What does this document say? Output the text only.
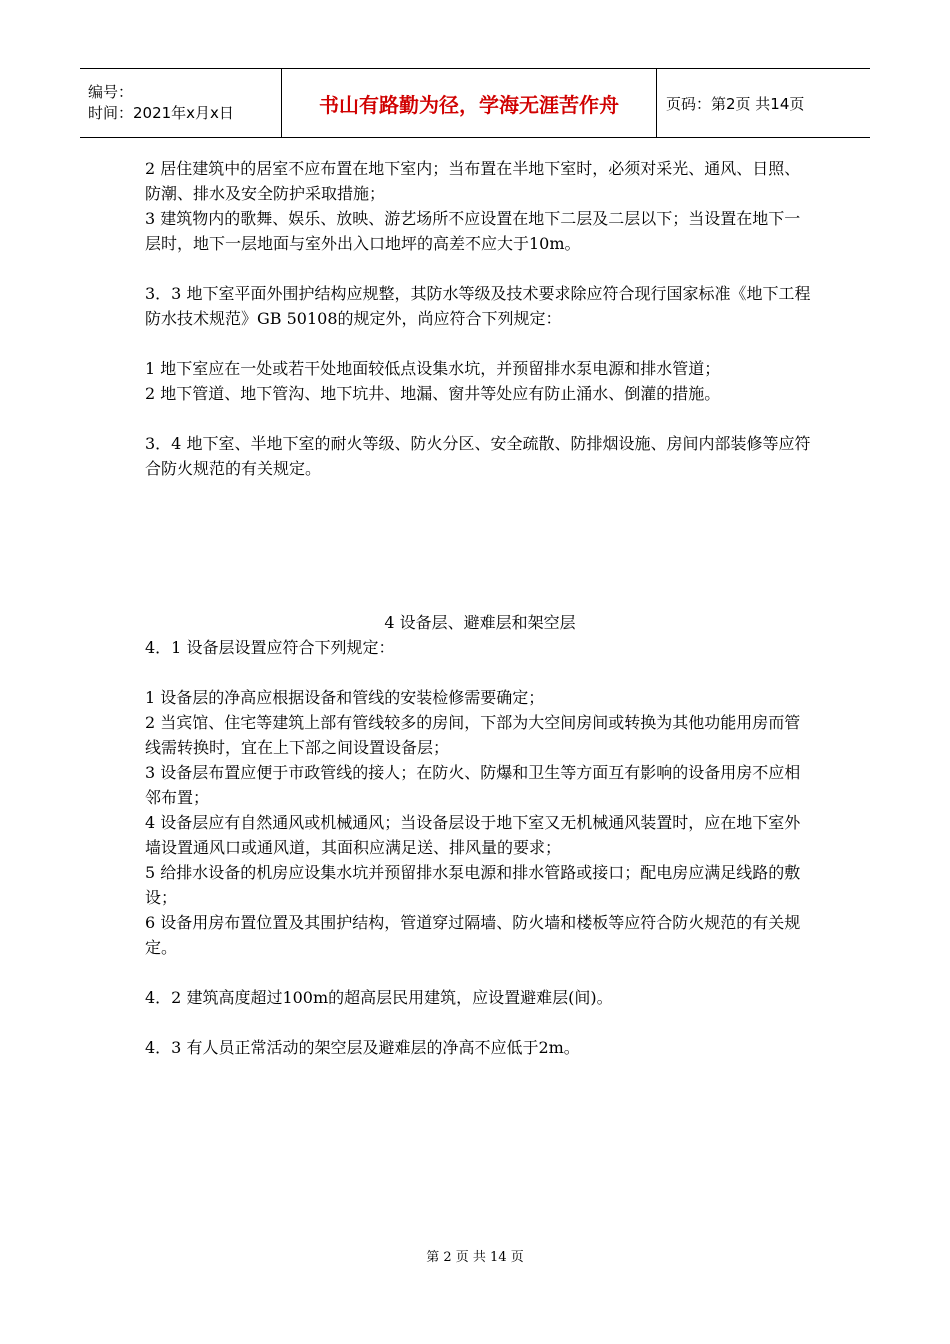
编号：
时间：2021年x月x日	书山有路勤为径，学海无涯苦作舟	页码：第2页 共14页

2 居住建筑中的居室不应布置在地下室内；当布置在半地下室时，必须对采光、通风、日照、防潮、排水及安全防护采取措施；

3 建筑物内的歌舞、娱乐、放映、游艺场所不应设置在地下二层及二层以下；当设置在地下一层时，地下一层地面与室外出入口地坪的高差不应大于10m。

3．3 地下室平面外围护结构应规整，其防水等级及技术要求除应符合现行国家标准《地下工程防水技术规范》GB 50108的规定外，尚应符合下列规定：

1 地下室应在一处或若干处地面较低点设集水坑，并预留排水泵电源和排水管道；

2 地下管道、地下管沟、地下坑井、地漏、窗井等处应有防止涌水、倒灌的措施。

3．4 地下室、半地下室的耐火等级、防火分区、安全疏散、防排烟设施、房间内部装修等应符合防火规范的有关规定。

4 设备层、避难层和架空层

4．1 设备层设置应符合下列规定：

1 设备层的净高应根据设备和管线的安装检修需要确定；

2 当宾馆、住宅等建筑上部有管线较多的房间，下部为大空间房间或转换为其他功能用房而管线需转换时，宜在上下部之间设置设备层；

3 设备层布置应便于市政管线的接人；在防火、防爆和卫生等方面互有影响的设备用房不应相邻布置；

4 设备层应有自然通风或机械通风；当设备层设于地下室又无机械通风装置时，应在地下室外墙设置通风口或通风道，其面积应满足送、排风量的要求；

5 给排水设备的机房应设集水坑并预留排水泵电源和排水管路或接口；配电房应满足线路的敷设；

6 设备用房布置位置及其围护结构，管道穿过隔墙、防火墙和楼板等应符合防火规范的有关规定。

4．2 建筑高度超过100m的超高层民用建筑，应设置避难层(间)。

4．3 有人员正常活动的架空层及避难层的净高不应低于2m。

第 2 页 共 14 页
